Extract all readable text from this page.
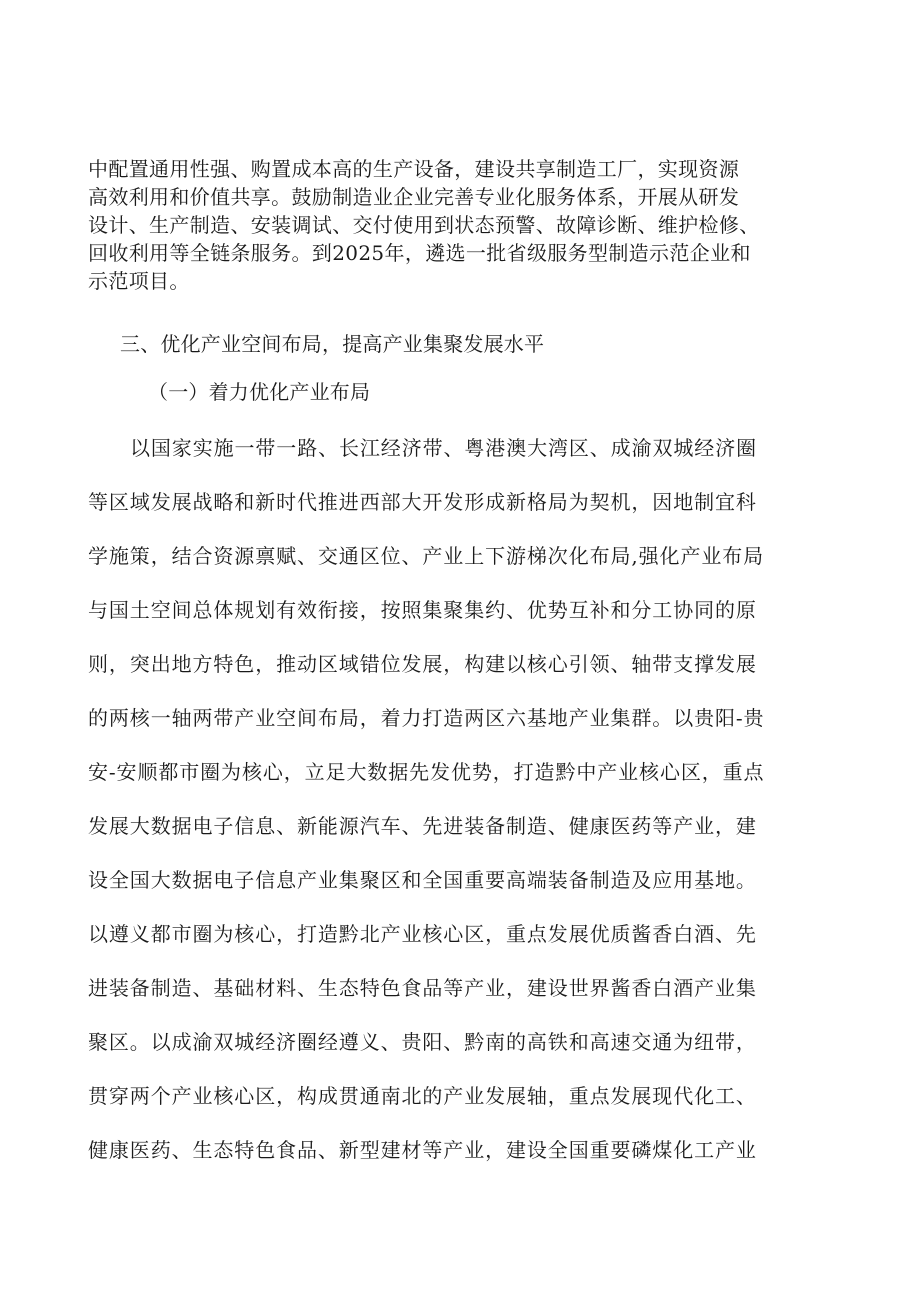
中配置通用性强、购置成本高的生产设备，建设共享制造工厂，实现资源
高效利用和价值共享。鼓励制造业企业完善专业化服务体系，开展从研发
设计、生产制造、安装调试、交付使用到状态预警、故障诊断、维护检修、
回收利用等全链条服务。到2025年，遴选一批省级服务型制造示范企业和
示范项目。
三、优化产业空间布局，提高产业集聚发展水平
（一）着力优化产业布局
以国家实施一带一路、长江经济带、粤港澳大湾区、成渝双城经济圈
等区域发展战略和新时代推进西部大开发形成新格局为契机，因地制宜科
学施策，结合资源禀赋、交通区位、产业上下游梯次化布局,强化产业布局
与国土空间总体规划有效衔接，按照集聚集约、优势互补和分工协同的原
则，突出地方特色，推动区域错位发展，构建以核心引领、轴带支撑发展
的两核一轴两带产业空间布局，着力打造两区六基地产业集群。以贵阳-贵
安-安顺都市圈为核心，立足大数据先发优势，打造黔中产业核心区，重点
发展大数据电子信息、新能源汽车、先进装备制造、健康医药等产业，建
设全国大数据电子信息产业集聚区和全国重要高端装备制造及应用基地。
以遵义都市圈为核心，打造黔北产业核心区，重点发展优质酱香白酒、先
进装备制造、基础材料、生态特色食品等产业，建设世界酱香白酒产业集
聚区。以成渝双城经济圈经遵义、贵阳、黔南的高铁和高速交通为纽带，
贯穿两个产业核心区，构成贯通南北的产业发展轴，重点发展现代化工、
健康医药、生态特色食品、新型建材等产业，建设全国重要磷煤化工产业
